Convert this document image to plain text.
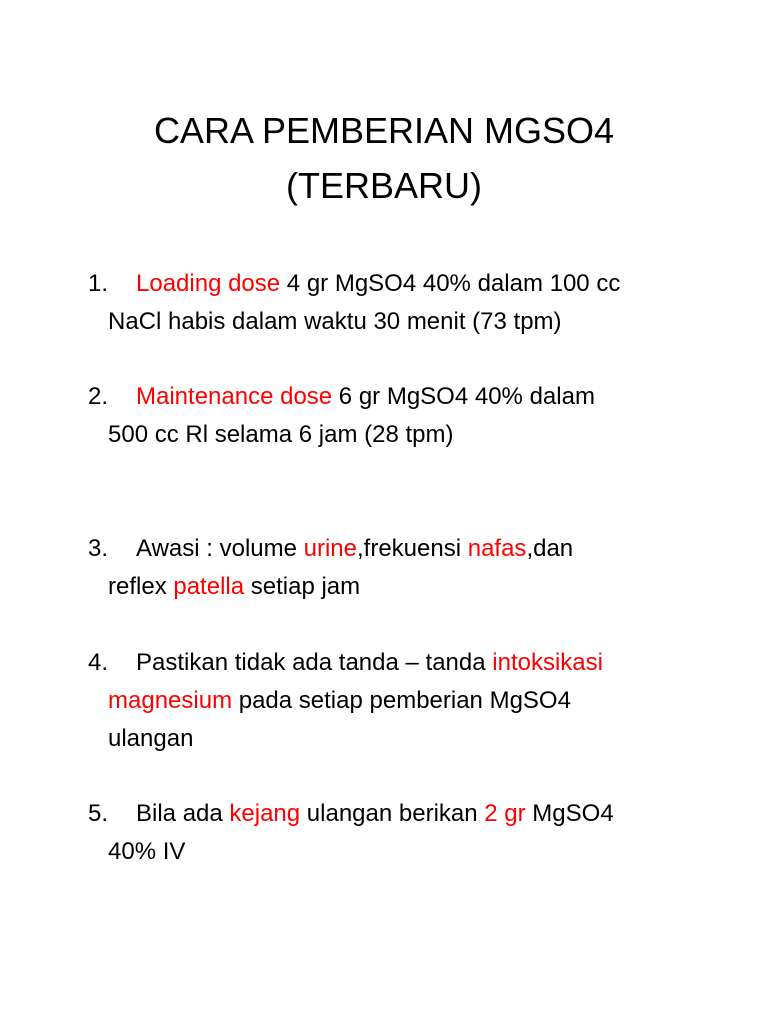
CARA PEMBERIAN MGSO4
(TERBARU)
1. Loading dose 4 gr MgSO4 40% dalam 100 cc
NaCl habis dalam waktu 30 menit (73 tpm)
2. Maintenance dose 6 gr MgSO4 40% dalam
500 cc Rl selama 6 jam (28 tpm)
3. Awasi : volume urine,frekuensi nafas,dan
reflex patella setiap jam
4. Pastikan tidak ada tanda – tanda intoksikasi
magnesium pada setiap pemberian MgSO4
ulangan
5. Bila ada kejang ulangan berikan 2 gr MgSO4
40% IV
